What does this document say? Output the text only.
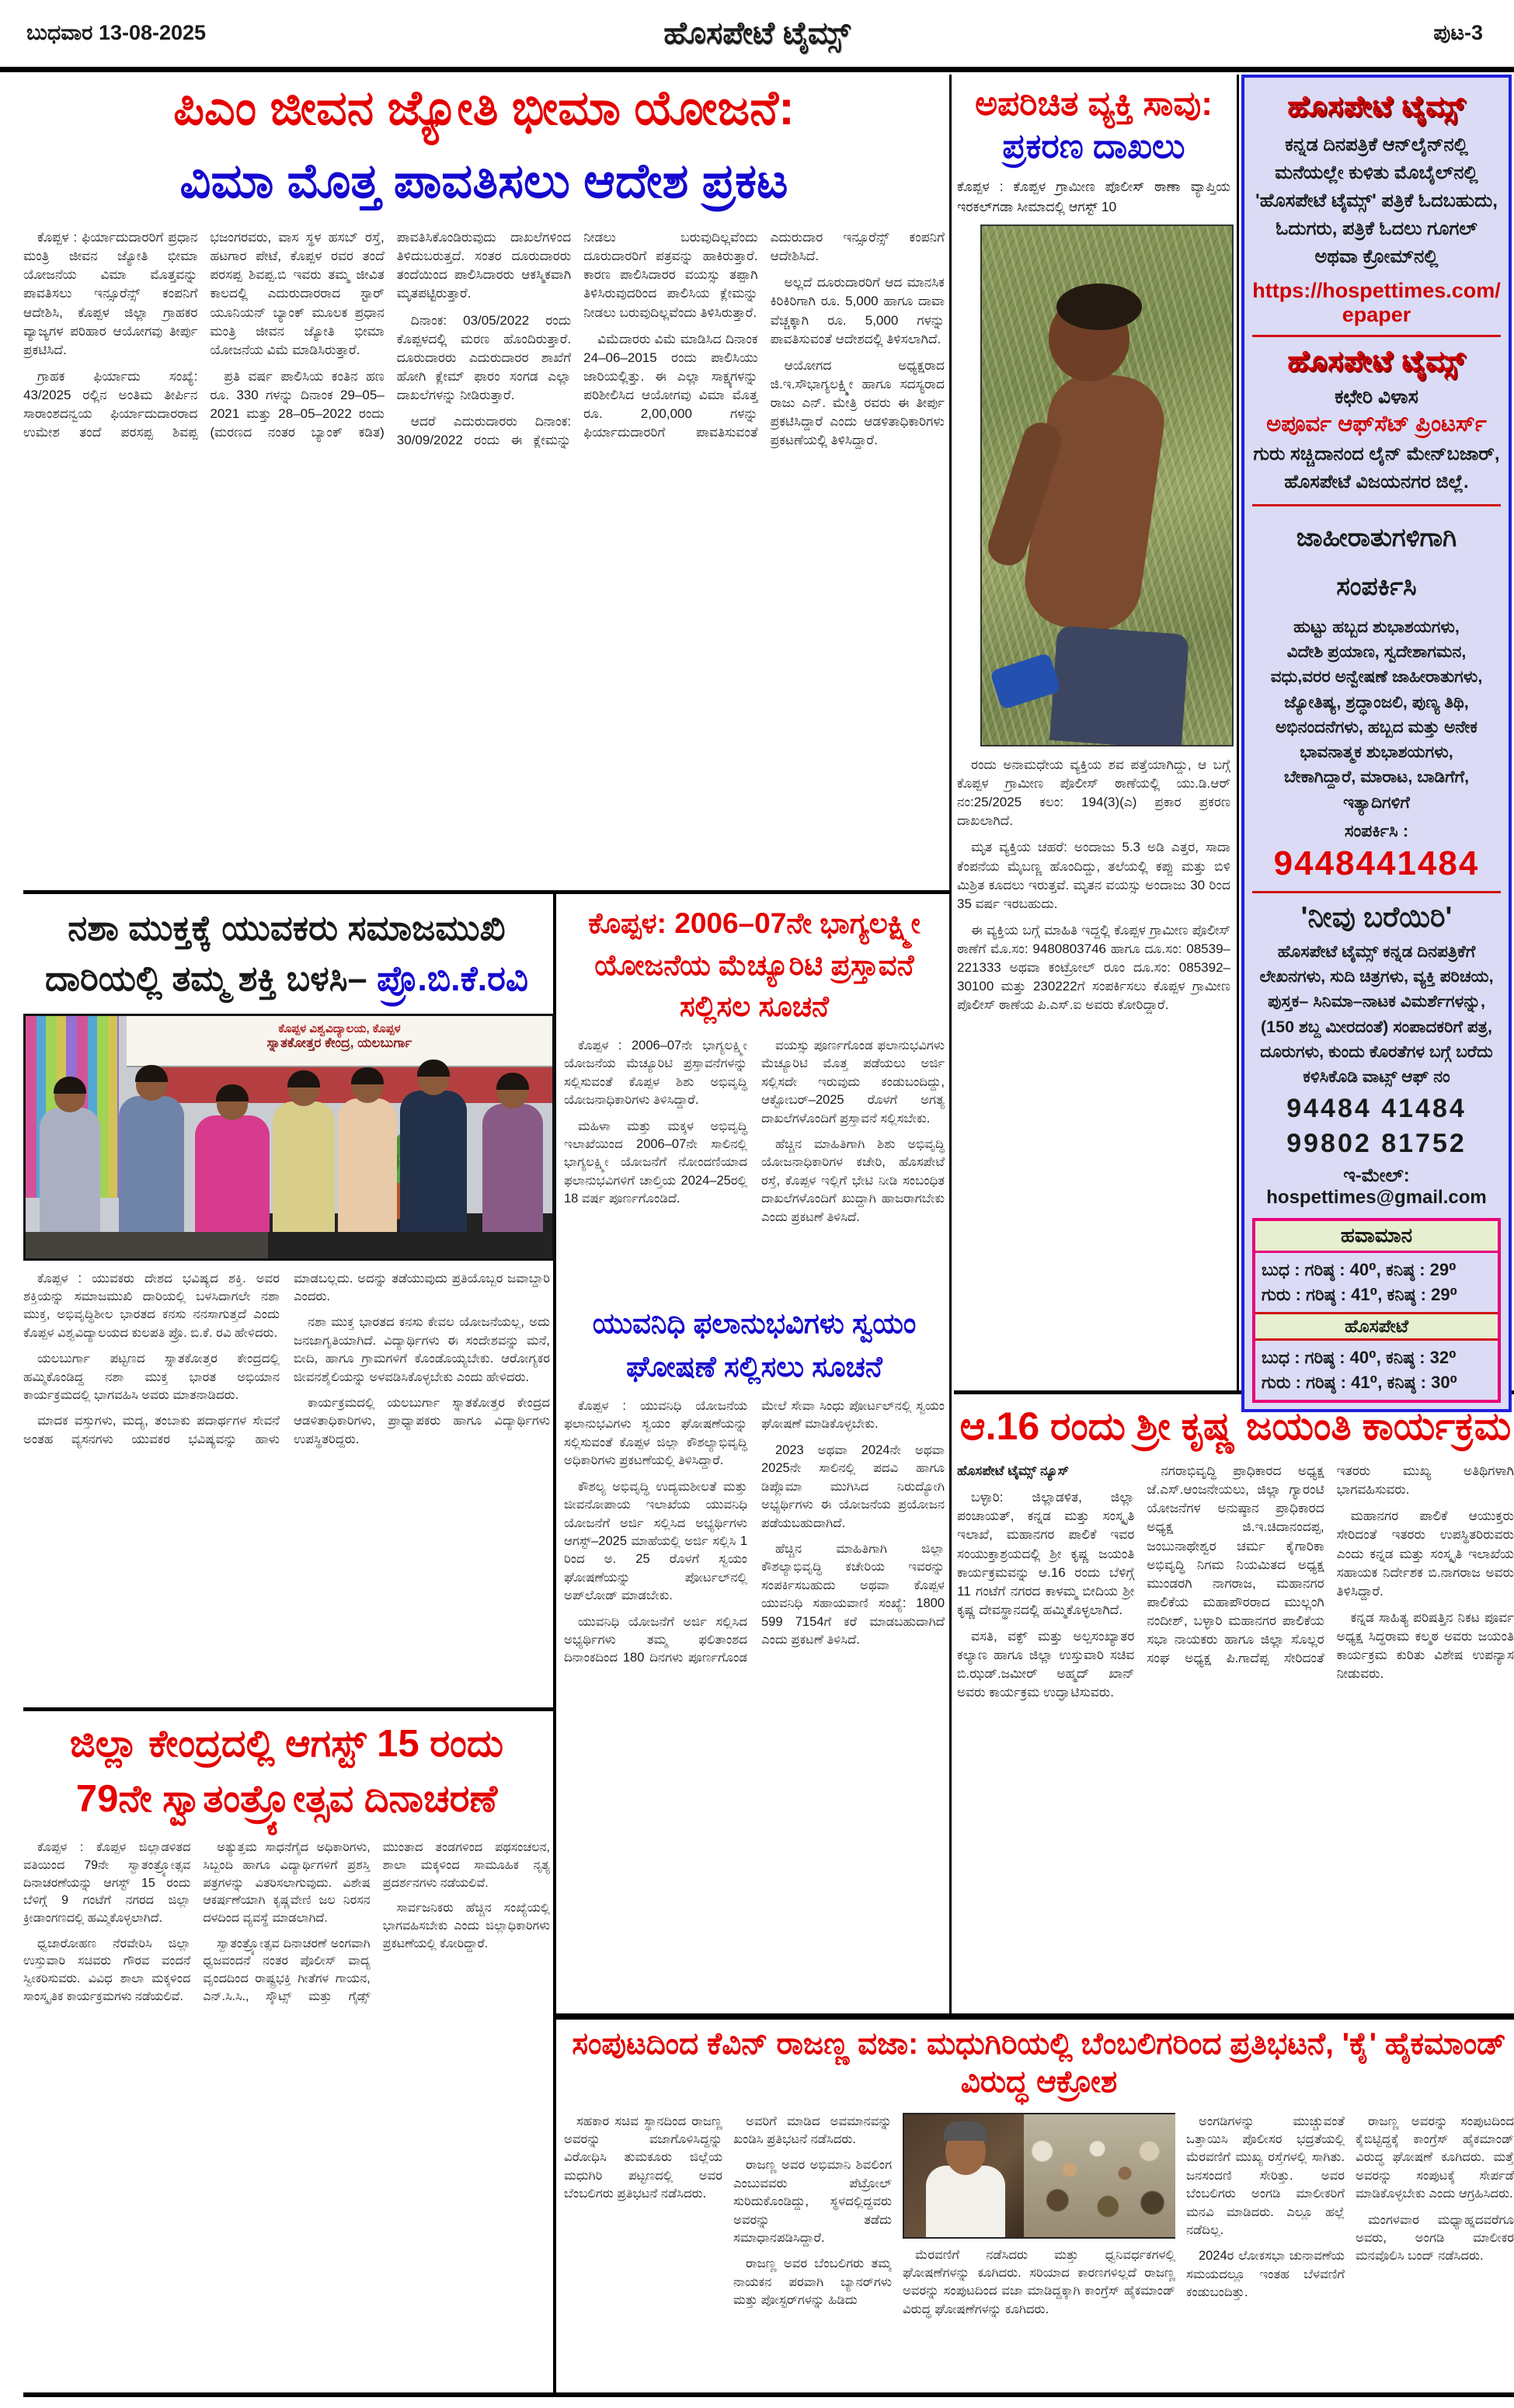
ಬುಧವಾರ 13-08-2025	ಹೊಸಪೇಟೆ ಟೈಮ್ಸ್	ಪುಟ-3
ಪಿಎಂ ಜೀವನ ಜ್ಯೋತಿ ಭೀಮಾ ಯೋಜನೆ:
ವಿಮಾ ಮೊತ್ತ ಪಾವತಿಸಲು ಆದೇಶ ಪ್ರಕಟ

ಕೊಪ್ಪಳ : ಫಿರ್ಯಾದುದಾರರಿಗೆ ಪ್ರಧಾನ ಮಂತ್ರಿ ಜೀವನ ಜ್ಯೋತಿ ಭೀಮಾ ಯೋಜನೆಯ ವಿಮಾ ಮೊತ್ತವನ್ನು ಪಾವತಿಸಲು ಇನ್ಸೂರೆನ್ಸ್ ಕಂಪನಿಗೆ ಆದೇಶಿಸಿ, ಕೊಪ್ಪಳ ಜಿಲ್ಲಾ ಗ್ರಾಹಕರ ವ್ಯಾಜ್ಯಗಳ ಪರಿಹಾರ ಆಯೋಗವು ತೀರ್ಪು ಪ್ರಕಟಿಸಿದೆ.

ಗ್ರಾಹಕ ಫಿರ್ಯಾದು ಸಂಖ್ಯೆ: 43/2025 ರಲ್ಲಿನ ಅಂತಿಮ ತೀರ್ಪಿನ ಸಾರಾಂಶದನ್ವಯ ಫಿರ್ಯಾದುದಾರರಾದ ಉಮೇಶ ತಂದೆ ಪರಸಪ್ಪ ಶಿವಪ್ಪ ಭಜಂಗರವರು, ವಾಸ ಸ್ಥಳ ಹಸಬ್ ರಸ್ತೆ, ಹಟಗಾರ ಪೇಟೆ, ಕೊಪ್ಪಳ ರವರ ತಂದೆ ಪರಸಪ್ಪ ಶಿವಪ್ಪ.ಬಿ ಇವರು ತಮ್ಮ ಜೀವಿತ ಕಾಲದಲ್ಲಿ ಎದುರುದಾರರಾದ ಸ್ಟಾರ್ ಯೂನಿಯನ್ ಬ್ಯಾಂಕ್ ಮೂಲಕ ಪ್ರಧಾನ ಮಂತ್ರಿ ಜೀವನ ಜ್ಯೋತಿ ಭೀಮಾ ಯೋಜನೆಯ ವಿಮೆ ಮಾಡಿಸಿರುತ್ತಾರೆ.

ಪ್ರತಿ ವರ್ಷ ಪಾಲಿಸಿಯ ಕಂತಿನ ಹಣ ರೂ. 330 ಗಳನ್ನು ದಿನಾಂಕ 29–05–2021 ಮತ್ತು 28–05–2022 ರಂದು (ಮರಣದ ನಂತರ ಬ್ಯಾಂಕ್ ಕಡಿತ) ಪಾವತಿಸಿಕೊಂಡಿರುವುದು ದಾಖಲೆಗಳಿಂದ ತಿಳಿದುಬರುತ್ತದೆ. ಸಂತರ ದೂರುದಾರರು ತಂದೆಯಿಂದ ಪಾಲಿಸಿದಾರರು ಆಕಸ್ಮಿಕವಾಗಿ ಮೃತಪಟ್ಟಿರುತ್ತಾರೆ.

ದಿನಾಂಕ: 03/05/2022 ರಂದು ಕೊಪ್ಪಳದಲ್ಲಿ ಮರಣ ಹೊಂದಿರುತ್ತಾರೆ. ದೂರುದಾರರು ಎದುರುದಾರರ ಶಾಖೆಗೆ ಹೋಗಿ ಕ್ಲೇಮ್ ಫಾರಂ ಸಂಗಡ ಎಲ್ಲಾ ದಾಖಲೆಗಳನ್ನು ನೀಡಿರುತ್ತಾರೆ.

ಆದರೆ ಎದುರುದಾರರು ದಿನಾಂಕ: 30/09/2022 ರಂದು ಈ ಕ್ಲೇಮನ್ನು ನೀಡಲು ಬರುವುದಿಲ್ಲವೆಂದು ದೂರುದಾರರಿಗೆ ಪತ್ರವನ್ನು ಹಾಕಿರುತ್ತಾರೆ. ಕಾರಣ ಪಾಲಿಸಿದಾರರ ವಯಸ್ಸು ತಪ್ಪಾಗಿ ತಿಳಿಸಿರುವುದರಿಂದ ಪಾಲಿಸಿಯ ಕ್ಲೇಮನ್ನು ನೀಡಲು ಬರುವುದಿಲ್ಲವೆಂದು ತಿಳಿಸಿರುತ್ತಾರೆ.

ವಿಮೆದಾರರು ವಿಮೆ ಮಾಡಿಸಿದ ದಿನಾಂಕ 24–06–2015 ರಂದು ಪಾಲಿಸಿಯು ಜಾರಿಯಲ್ಲಿತ್ತು. ಈ ಎಲ್ಲಾ ಸಾಕ್ಷ್ಯಗಳನ್ನು ಪರಿಶೀಲಿಸಿದ ಆಯೋಗವು ವಿಮಾ ಮೊತ್ತ ರೂ. 2,00,000 ಗಳನ್ನು ಫಿರ್ಯಾದುದಾರರಿಗೆ ಪಾವತಿಸುವಂತೆ ಎದುರುದಾರ ಇನ್ಸೂರೆನ್ಸ್ ಕಂಪನಿಗೆ ಆದೇಶಿಸಿದೆ.

ಅಲ್ಲದೆ ದೂರುದಾರರಿಗೆ ಆದ ಮಾನಸಿಕ ಕಿರಿಕಿರಿಗಾಗಿ ರೂ. 5,000 ಹಾಗೂ ದಾವಾ ವೆಚ್ಚಕ್ಕಾಗಿ ರೂ. 5,000 ಗಳನ್ನು ಪಾವತಿಸುವಂತೆ ಆದೇಶದಲ್ಲಿ ತಿಳಿಸಲಾಗಿದೆ.

ಆಯೋಗದ ಅಧ್ಯಕ್ಷರಾದ ಜಿ.ಇ.ಸೌಭಾಗ್ಯಲಕ್ಷ್ಮೀ ಹಾಗೂ ಸದಸ್ಯರಾದ ರಾಜು ಎನ್. ಮೇತ್ರಿ ರವರು ಈ ತೀರ್ಪು ಪ್ರಕಟಿಸಿದ್ದಾರೆ ಎಂದು ಆಡಳಿತಾಧಿಕಾರಿಗಳು ಪ್ರಕಟಣೆಯಲ್ಲಿ ತಿಳಿಸಿದ್ದಾರೆ.

ಅಪರಿಚಿತ ವ್ಯಕ್ತಿ ಸಾವು:
ಪ್ರಕರಣ ದಾಖಲು
ಕೊಪ್ಪಳ : ಕೊಪ್ಪಳ ಗ್ರಾಮೀಣ ಪೊಲೀಸ್ ಠಾಣಾ ವ್ಯಾಪ್ತಿಯ ಇರಕಲ್‌ಗಡಾ ಸೀಮಾದಲ್ಲಿ ಆಗಸ್ಟ್ 10

ರಂದು ಅನಾಮಧೇಯ ವ್ಯಕ್ತಿಯ ಶವ ಪತ್ತೆಯಾಗಿದ್ದು, ಆ ಬಗ್ಗೆ ಕೊಪ್ಪಳ ಗ್ರಾಮೀಣ ಪೊಲೀಸ್ ಠಾಣೆಯಲ್ಲಿ ಯು.ಡಿ.ಆರ್ ನಂ:25/2025 ಕಲಂ: 194(3)(ಎ) ಪ್ರಕಾರ ಪ್ರಕರಣ ದಾಖಲಾಗಿದೆ.

ಮೃತ ವ್ಯಕ್ತಿಯ ಚಹರೆ: ಅಂದಾಜು 5.3 ಅಡಿ ಎತ್ತರ, ಸಾದಾ ಕೆಂಪನೆಯ ಮೈಬಣ್ಣ ಹೊಂದಿದ್ದು, ತಲೆಯಲ್ಲಿ ಕಪ್ಪು ಮತ್ತು ಬಿಳಿ ಮಿಶ್ರಿತ ಕೂದಲು ಇರುತ್ತವೆ. ಮೃತನ ವಯಸ್ಸು ಅಂದಾಜು 30 ರಿಂದ 35 ವರ್ಷ ಇರಬಹುದು.

ಈ ವ್ಯಕ್ತಿಯ ಬಗ್ಗೆ ಮಾಹಿತಿ ಇದ್ದಲ್ಲಿ ಕೊಪ್ಪಳ ಗ್ರಾಮೀಣ ಪೊಲೀಸ್ ಠಾಣೆಗೆ ಮೊ.ಸಂ: 9480803746 ಹಾಗೂ ದೂ.ಸಂ: 08539–221333 ಅಥವಾ ಕಂಟ್ರೋಲ್ ರೂಂ ದೂ.ಸಂ: 085392–30100 ಮತ್ತು 230222ಗೆ ಸಂಪರ್ಕಿಸಲು ಕೊಪ್ಪಳ ಗ್ರಾಮೀಣ ಪೊಲೀಸ್ ಠಾಣೆಯ ಪಿ.ಎಸ್.ಐ ಅವರು ಕೋರಿದ್ದಾರೆ.

ಹೊಸಪೇಟೆ ಟೈಮ್ಸ್
ಕನ್ನಡ ದಿನಪತ್ರಿಕೆ ಆನ್‌ಲೈನ್‌ನಲ್ಲಿ ಮನೆಯಲ್ಲೇ ಕುಳಿತು ಮೊಬೈಲ್‌ನಲ್ಲಿ 'ಹೊಸಪೇಟೆ ಟೈಮ್ಸ್' ಪತ್ರಿಕೆ ಓದಬಹುದು, ಓದುಗರು, ಪತ್ರಿಕೆ ಓದಲು ಗೂಗಲ್ ಅಥವಾ ಕ್ರೋಮ್‌ನಲ್ಲಿ
https://hospettimes.com/epaper
ಹೊಸಪೇಟೆ ಟೈಮ್ಸ್
ಕಛೇರಿ ವಿಳಾಸ
ಅಪೂರ್ವ ಆಫ್‌ಸೆಟ್ ಪ್ರಿಂಟರ್ಸ್
ಗುರು ಸಚ್ಚಿದಾನಂದ ಲೈನ್ ಮೇನ್‌ಬಜಾರ್, ಹೊಸಪೇಟೆ ವಿಜಯನಗರ ಜಿಲ್ಲೆ.
ಜಾಹೀರಾತುಗಳಿಗಾಗಿ
ಸಂಪರ್ಕಿಸಿ
ಹುಟ್ಟು ಹಬ್ಬದ ಶುಭಾಶಯಗಳು,
ವಿದೇಶಿ ಪ್ರಯಾಣ, ಸ್ವದೇಶಾಗಮನ,
ವಧು,ವರರ ಅನ್ವೇಷಣೆ ಜಾಹೀರಾತುಗಳು,
ಜ್ಯೋತಿಷ್ಯ, ಶ್ರದ್ಧಾಂಜಲಿ, ಪುಣ್ಯ ತಿಥಿ,
ಅಭಿನಂದನೆಗಳು, ಹಬ್ಬದ ಮತ್ತು ಅನೇಕ
ಭಾವನಾತ್ಮಕ ಶುಭಾಶಯಗಳು,
ಬೇಕಾಗಿದ್ದಾರೆ, ಮಾರಾಟ, ಬಾಡಿಗೆಗೆ,
ಇತ್ಯಾದಿಗಳಿಗೆ
ಸಂಪರ್ಕಿಸಿ :
9448441484
'ನೀವು ಬರೆಯಿರಿ'
ಹೊಸಪೇಟೆ ಟೈಮ್ಸ್ ಕನ್ನಡ ದಿನಪತ್ರಿಕೆಗೆ ಲೇಖನಗಳು, ಸುದಿ ಚಿತ್ರಗಳು, ವ್ಯಕ್ತಿ ಪರಿಚಯ, ಪುಸ್ತಕ– ಸಿನಿಮಾ–ನಾಟಕ ವಿಮರ್ಶೆಗಳನ್ನು,(150 ಶಬ್ದ ಮೀರದಂತೆ) ಸಂಪಾದಕರಿಗೆ ಪತ್ರ, ದೂರುಗಳು, ಕುಂದು ಕೊರತೆಗಳ ಬಗ್ಗೆ ಬರೆದು ಕಳಿಸಿಕೊಡಿ ವಾಟ್ಸ್ ಆಫ್ ನಂ
94484 41484
99802 81752
ಇ-ಮೇಲ್: hospettimes@gmail.com
ಹವಾಮಾನ
ಬುಧ : ಗರಿಷ್ಠ : 40⁰, ಕನಿಷ್ಠ : 29⁰
ಗುರು : ಗರಿಷ್ಠ : 41⁰, ಕನಿಷ್ಠ : 29⁰
ಹೊಸಪೇಟೆ
ಬುಧ : ಗರಿಷ್ಠ : 40⁰, ಕನಿಷ್ಠ : 32⁰
ಗುರು : ಗರಿಷ್ಠ : 41⁰, ಕನಿಷ್ಠ : 30⁰
ನಶಾ ಮುಕ್ತಕ್ಕೆ ಯುವಕರು ಸಮಾಜಮುಖಿ ದಾರಿಯಲ್ಲಿ ತಮ್ಮ ಶಕ್ತಿ ಬಳಸಿ– ಪ್ರೊ.ಬಿ.ಕೆ.ರವಿ
ಕೊಪ್ಪಳ ವಿಶ್ವವಿದ್ಯಾಲಯ, ಕೊಪ್ಪಳ
ಸ್ನಾತಕೋತ್ತರ ಕೇಂದ್ರ, ಯಲಬುರ್ಗಾ

ಕೊಪ್ಪಳ : ಯುವಕರು ದೇಶದ ಭವಿಷ್ಯದ ಶಕ್ತಿ. ಅವರ ಶಕ್ತಿಯನ್ನು ಸಮಾಜಮುಖಿ ದಾರಿಯಲ್ಲಿ ಬಳಸಿದಾಗಲೇ ನಶಾ ಮುಕ್ತ, ಅಭಿವೃದ್ಧಿಶೀಲ ಭಾರತದ ಕನಸು ನನಸಾಗುತ್ತದೆ ಎಂದು ಕೊಪ್ಪಳ ವಿಶ್ವವಿದ್ಯಾಲಯದ ಕುಲಪತಿ ಪ್ರೊ. ಬಿ.ಕೆ. ರವಿ ಹೇಳಿದರು.

ಯಲಬುರ್ಗಾ ಪಟ್ಟಣದ ಸ್ನಾತಕೋತ್ತರ ಕೇಂದ್ರದಲ್ಲಿ ಹಮ್ಮಿಕೊಂಡಿದ್ದ ನಶಾ ಮುಕ್ತ ಭಾರತ ಅಭಿಯಾನ ಕಾರ್ಯಕ್ರಮದಲ್ಲಿ ಭಾಗವಹಿಸಿ ಅವರು ಮಾತನಾಡಿದರು.

ಮಾದಕ ವಸ್ತುಗಳು, ಮದ್ಯ, ತಂಬಾಕು ಪದಾರ್ಥಗಳ ಸೇವನೆ ಅಂತಹ ವ್ಯಸನಗಳು ಯುವಕರ ಭವಿಷ್ಯವನ್ನು ಹಾಳು ಮಾಡಬಲ್ಲದು. ಅದನ್ನು ತಡೆಯುವುದು ಪ್ರತಿಯೊಬ್ಬರ ಜವಾಬ್ದಾರಿ ಎಂದರು.

ನಶಾ ಮುಕ್ತ ಭಾರತದ ಕನಸು ಕೇವಲ ಯೋಜನೆಯಲ್ಲ, ಅದು ಜನಜಾಗೃತಿಯಾಗಿದೆ. ವಿದ್ಯಾರ್ಥಿಗಳು ಈ ಸಂದೇಶವನ್ನು ಮನೆ, ಬೀದಿ, ಹಾಗೂ ಗ್ರಾಮಗಳಿಗೆ ಕೊಂಡೊಯ್ಯಬೇಕು. ಆರೋಗ್ಯಕರ ಜೀವನಶೈಲಿಯನ್ನು ಅಳವಡಿಸಿಕೊಳ್ಳಬೇಕು ಎಂದು ಹೇಳಿದರು.

ಕಾರ್ಯಕ್ರಮದಲ್ಲಿ ಯಲಬುರ್ಗಾ ಸ್ನಾತಕೋತ್ತರ ಕೇಂದ್ರದ ಆಡಳಿತಾಧಿಕಾರಿಗಳು, ಪ್ರಾಧ್ಯಾಪಕರು ಹಾಗೂ ವಿದ್ಯಾರ್ಥಿಗಳು ಉಪಸ್ಥಿತರಿದ್ದರು.

ಕೊಪ್ಪಳ: 2006–07ನೇ ಭಾಗ್ಯಲಕ್ಷ್ಮೀ ಯೋಜನೆಯ ಮೆಚ್ಯೂರಿಟಿ ಪ್ರಸ್ತಾವನೆ ಸಲ್ಲಿಸಲ ಸೂಚನೆ

ಕೊಪ್ಪಳ : 2006–07ನೇ ಭಾಗ್ಯಲಕ್ಷ್ಮೀ ಯೋಜನೆಯ ಮೆಚ್ಯೂರಿಟಿ ಪ್ರಸ್ತಾವನೆಗಳನ್ನು ಸಲ್ಲಿಸುವಂತೆ ಕೊಪ್ಪಳ ಶಿಶು ಅಭಿವೃದ್ಧಿ ಯೋಜನಾಧಿಕಾರಿಗಳು ತಿಳಿಸಿದ್ದಾರೆ.

ಮಹಿಳಾ ಮತ್ತು ಮಕ್ಕಳ ಅಭಿವೃದ್ಧಿ ಇಲಾಖೆಯಿಂದ 2006–07ನೇ ಸಾಲಿನಲ್ಲಿ ಭಾಗ್ಯಲಕ್ಷ್ಮೀ ಯೋಜನೆಗೆ ನೋಂದಣಿಯಾದ ಫಲಾನುಭವಿಗಳಿಗೆ ಚಾಲ್ತಿಯ 2024–25ರಲ್ಲಿ 18 ವರ್ಷ ಪೂರ್ಣಗೊಂಡಿದೆ.

ವಯಸ್ಸು ಪೂರ್ಣಗೊಂಡ ಫಲಾನುಭವಿಗಳು ಮೆಚ್ಯೂರಿಟಿ ಮೊತ್ತ ಪಡೆಯಲು ಅರ್ಜಿ ಸಲ್ಲಿಸದೇ ಇರುವುದು ಕಂಡುಬಂದಿದ್ದು, ಆಕ್ಟೋಬರ್–2025 ರೊಳಗೆ ಅಗತ್ಯ ದಾಖಲೆಗಳೊಂದಿಗೆ ಪ್ರಸ್ತಾವನೆ ಸಲ್ಲಿಸಬೇಕು.

ಹೆಚ್ಚಿನ ಮಾಹಿತಿಗಾಗಿ ಶಿಶು ಅಭಿವೃದ್ಧಿ ಯೋಜನಾಧಿಕಾರಿಗಳ ಕಚೇರಿ, ಹೊಸಪೇಟೆ ರಸ್ತೆ, ಕೊಪ್ಪಳ ಇಲ್ಲಿಗೆ ಭೇಟಿ ನೀಡಿ ಸಂಬಂಧಿತ ದಾಖಲೆಗಳೊಂದಿಗೆ ಖುದ್ದಾಗಿ ಹಾಜರಾಗಬೇಕು ಎಂದು ಪ್ರಕಟಣೆ ತಿಳಿಸಿದೆ.

ಯುವನಿಧಿ ಫಲಾನುಭವಿಗಳು ಸ್ವಯಂ ಘೋಷಣೆ ಸಲ್ಲಿಸಲು ಸೂಚನೆ

ಕೊಪ್ಪಳ : ಯುವನಿಧಿ ಯೋಜನೆಯ ಫಲಾನುಭವಿಗಳು ಸ್ವಯಂ ಘೋಷಣೆಯನ್ನು ಸಲ್ಲಿಸುವಂತೆ ಕೊಪ್ಪಳ ಜಿಲ್ಲಾ ಕೌಶಲ್ಯಾಭಿವೃದ್ಧಿ ಅಧಿಕಾರಿಗಳು ಪ್ರಕಟಣೆಯಲ್ಲಿ ತಿಳಿಸಿದ್ದಾರೆ.

ಕೌಶಲ್ಯ ಅಭಿವೃದ್ಧಿ ಉದ್ಯಮಶೀಲತೆ ಮತ್ತು ಜೀವನೋಪಾಯ ಇಲಾಖೆಯ ಯುವನಿಧಿ ಯೋಜನೆಗೆ ಅರ್ಜಿ ಸಲ್ಲಿಸಿದ ಅಭ್ಯರ್ಥಿಗಳು ಆಗಸ್ಟ್–2025 ಮಾಹೆಯಲ್ಲಿ ಅರ್ಜಿ ಸಲ್ಲಿಸಿ 1 ರಿಂದ ಅ. 25 ರೊಳಗೆ ಸ್ವಯಂ ಘೋಷಣೆಯನ್ನು ಪೋರ್ಟಲ್‌ನಲ್ಲಿ ಅಪ್‌ಲೋಡ್ ಮಾಡಬೇಕು.

ಯುವನಿಧಿ ಯೋಜನೆಗೆ ಅರ್ಜಿ ಸಲ್ಲಿಸಿದ ಅಭ್ಯರ್ಥಿಗಳು ತಮ್ಮ ಫಲಿತಾಂಶದ ದಿನಾಂಕದಿಂದ 180 ದಿನಗಳು ಪೂರ್ಣಗೊಂಡ ಮೇಲೆ ಸೇವಾ ಸಿಂಧು ಪೋರ್ಟಲ್‌ನಲ್ಲಿ ಸ್ವಯಂ ಘೋಷಣೆ ಮಾಡಿಕೊಳ್ಳಬೇಕು.

2023 ಅಥವಾ 2024ನೇ ಅಥವಾ 2025ನೇ ಸಾಲಿನಲ್ಲಿ ಪದವಿ ಹಾಗೂ ಡಿಪ್ಲೊಮಾ ಮುಗಿಸಿದ ನಿರುದ್ಯೋಗಿ ಅಭ್ಯರ್ಥಿಗಳು ಈ ಯೋಜನೆಯ ಪ್ರಯೋಜನ ಪಡೆಯಬಹುದಾಗಿದೆ.

ಹೆಚ್ಚಿನ ಮಾಹಿತಿಗಾಗಿ ಜಿಲ್ಲಾ ಕೌಶಲ್ಯಾಭಿವೃದ್ಧಿ ಕಚೇರಿಯ ಇವರನ್ನು ಸಂಪರ್ಕಿಸಬಹುದು ಅಥವಾ ಕೊಪ್ಪಳ ಯುವನಿಧಿ ಸಹಾಯವಾಣಿ ಸಂಖ್ಯೆ: 1800 599 7154ಗೆ ಕರೆ ಮಾಡಬಹುದಾಗಿದೆ ಎಂದು ಪ್ರಕಟಣೆ ತಿಳಿಸಿದೆ.

ಜಿಲ್ಲಾ ಕೇಂದ್ರದಲ್ಲಿ ಆಗಸ್ಟ್ 15 ರಂದು
79ನೇ ಸ್ವಾತಂತ್ರ್ಯೋತ್ಸವ ದಿನಾಚರಣೆ

ಕೊಪ್ಪಳ : ಕೊಪ್ಪಳ ಜಿಲ್ಲಾಡಳಿತದ ವತಿಯಿಂದ 79ನೇ ಸ್ವಾತಂತ್ರ್ಯೋತ್ಸವ ದಿನಾಚರಣೆಯನ್ನು ಆಗಸ್ಟ್ 15 ರಂದು ಬೆಳಿಗ್ಗೆ 9 ಗಂಟೆಗೆ ನಗರದ ಜಿಲ್ಲಾ ಕ್ರೀಡಾಂಗಣದಲ್ಲಿ ಹಮ್ಮಿಕೊಳ್ಳಲಾಗಿದೆ.

ಧ್ವಜಾರೋಹಣ ನೆರವೇರಿಸಿ ಜಿಲ್ಲಾ ಉಸ್ತುವಾರಿ ಸಚಿವರು ಗೌರವ ವಂದನೆ ಸ್ವೀಕರಿಸುವರು. ವಿವಿಧ ಶಾಲಾ ಮಕ್ಕಳಿಂದ ಸಾಂಸ್ಕೃತಿಕ ಕಾರ್ಯಕ್ರಮಗಳು ನಡೆಯಲಿವೆ.

ಅತ್ಯುತ್ತಮ ಸಾಧನೆಗೈದ ಅಧಿಕಾರಿಗಳು, ಸಿಬ್ಬಂದಿ ಹಾಗೂ ವಿದ್ಯಾರ್ಥಿಗಳಿಗೆ ಪ್ರಶಸ್ತಿ ಪತ್ರಗಳನ್ನು ವಿತರಿಸಲಾಗುವುದು. ವಿಶೇಷ ಆಕರ್ಷಣೆಯಾಗಿ ಕೃಷ್ಣವೇಣಿ ಜಲ ನಿರಸನ ದಳದಿಂದ ವ್ಯವಸ್ಥೆ ಮಾಡಲಾಗಿದೆ.

ಸ್ವಾತಂತ್ರ್ಯೋತ್ಸವ ದಿನಾಚರಣೆ ಅಂಗವಾಗಿ ಧ್ವಜವಂದನೆ ನಂತರ ಪೊಲೀಸ್ ವಾದ್ಯ ವೃಂದದಿಂದ ರಾಷ್ಟ್ರಭಕ್ತಿ ಗೀತೆಗಳ ಗಾಯನ, ಎನ್.ಸಿ.ಸಿ., ಸ್ಕೌಟ್ಸ್ ಮತ್ತು ಗೈಡ್ಸ್ ಮುಂತಾದ ತಂಡಗಳಿಂದ ಪಥಸಂಚಲನ, ಶಾಲಾ ಮಕ್ಕಳಿಂದ ಸಾಮೂಹಿಕ ನೃತ್ಯ ಪ್ರದರ್ಶನಗಳು ನಡೆಯಲಿವೆ.

ಸಾರ್ವಜನಿಕರು ಹೆಚ್ಚಿನ ಸಂಖ್ಯೆಯಲ್ಲಿ ಭಾಗವಹಿಸಬೇಕು ಎಂದು ಜಿಲ್ಲಾಧಿಕಾರಿಗಳು ಪ್ರಕಟಣೆಯಲ್ಲಿ ಕೋರಿದ್ದಾರೆ.

ಆ.16 ರಂದು ಶ್ರೀ ಕೃಷ್ಣ ಜಯಂತಿ ಕಾರ್ಯಕ್ರಮ

ಹೊಸಪೇಟೆ ಟೈಮ್ಸ್ ನ್ಯೂಸ್

ಬಳ್ಳಾರಿ: ಜಿಲ್ಲಾಡಳಿತ, ಜಿಲ್ಲಾ ಪಂಚಾಯತ್, ಕನ್ನಡ ಮತ್ತು ಸಂಸ್ಕೃತಿ ಇಲಾಖೆ, ಮಹಾನಗರ ಪಾಲಿಕೆ ಇವರ ಸಂಯುಕ್ತಾಶ್ರಯದಲ್ಲಿ ಶ್ರೀ ಕೃಷ್ಣ ಜಯಂತಿ ಕಾರ್ಯಕ್ರಮವನ್ನು ಆ.16 ರಂದು ಬೆಳಿಗ್ಗೆ 11 ಗಂಟೆಗೆ ನಗರದ ಕಾಳಮ್ಮ ಬೀದಿಯ ಶ್ರೀ ಕೃಷ್ಣ ದೇವಸ್ಥಾನದಲ್ಲಿ ಹಮ್ಮಿಕೊಳ್ಳಲಾಗಿದೆ.

ವಸತಿ, ವಕ್ಫ್ ಮತ್ತು ಅಲ್ಪಸಂಖ್ಯಾತರ ಕಲ್ಯಾಣ ಹಾಗೂ ಜಿಲ್ಲಾ ಉಸ್ತುವಾರಿ ಸಚಿವ ಬಿ.ಝಡ್.ಜಮೀರ್ ಅಹ್ಮದ್ ಖಾನ್ ಅವರು ಕಾರ್ಯಕ್ರಮ ಉದ್ಘಾಟಿಸುವರು.

ನಗರಾಭಿವೃದ್ಧಿ ಪ್ರಾಧಿಕಾರದ ಅಧ್ಯಕ್ಷ ಜೆ.ಎಸ್.ಆಂಜನೇಯಲು, ಜಿಲ್ಲಾ ಗ್ಯಾರಂಟಿ ಯೋಜನೆಗಳ ಅನುಷ್ಠಾನ ಪ್ರಾಧಿಕಾರದ ಅಧ್ಯಕ್ಷ ಜಿ.ಇ.ಚಿದಾನಂದಪ್ಪ, ಜಂಬುನಾಥೇಶ್ವರ ಚರ್ಮ ಕೈಗಾರಿಕಾ ಅಭಿವೃದ್ಧಿ ನಿಗಮ ನಿಯಮಿತದ ಅಧ್ಯಕ್ಷ ಮುಂಡರಗಿ ನಾಗರಾಜ, ಮಹಾನಗರ ಪಾಲಿಕೆಯ ಮಹಾಪೌರರಾದ ಮುಲ್ಲಂಗಿ ನಂದೀಶ್, ಬಳ್ಳಾರಿ ಮಹಾನಗರ ಪಾಲಿಕೆಯ ಸಭಾ ನಾಯಕರು ಹಾಗೂ ಜಿಲ್ಲಾ ಸೊಲ್ಲರ ಸಂಘ ಅಧ್ಯಕ್ಷ ಪಿ.ಗಾದೆಪ್ಪ ಸೇರಿದಂತೆ ಇತರರು ಮುಖ್ಯ ಅತಿಥಿಗಳಾಗಿ ಭಾಗವಹಿಸುವರು.

ಮಹಾನಗರ ಪಾಲಿಕೆ ಆಯುಕ್ತರು ಸೇರಿದಂತೆ ಇತರರು ಉಪಸ್ಥಿತರಿರುವರು ಎಂದು ಕನ್ನಡ ಮತ್ತು ಸಂಸ್ಕೃತಿ ಇಲಾಖೆಯ ಸಹಾಯಕ ನಿರ್ದೇಶಕ ಬಿ.ನಾಗರಾಜ ಅವರು ತಿಳಿಸಿದ್ದಾರೆ.

ಕನ್ನಡ ಸಾಹಿತ್ಯ ಪರಿಷತ್ತಿನ ನಿಕಟ ಪೂರ್ವ ಅಧ್ಯಕ್ಷ ಸಿದ್ಧರಾಮ ಕಲ್ಮಠ ಅವರು ಜಯಂತಿ ಕಾರ್ಯಕ್ರಮ ಕುರಿತು ವಿಶೇಷ ಉಪನ್ಯಾಸ ನೀಡುವರು.

ಸಂಪುಟದಿಂದ ಕೆವಿನ್ ರಾಜಣ್ಣ ವಜಾ: ಮಧುಗಿರಿಯಲ್ಲಿ ಬೆಂಬಲಿಗರಿಂದ ಪ್ರತಿಭಟನೆ, 'ಕೈ' ಹೈಕಮಾಂಡ್ ವಿರುದ್ಧ ಆಕ್ರೋಶ

ಸಹಕಾರ ಸಚಿವ ಸ್ಥಾನದಿಂದ ರಾಜಣ್ಣ ಅವರನ್ನು ವಜಾಗೊಳಿಸಿದ್ದನ್ನು ವಿರೋಧಿಸಿ ತುಮಕೂರು ಜಿಲ್ಲೆಯ ಮಧುಗಿರಿ ಪಟ್ಟಣದಲ್ಲಿ ಅವರ ಬೆಂಬಲಿಗರು ಪ್ರತಿಭಟನೆ ನಡೆಸಿದರು.

ಅವರಿಗೆ ಮಾಡಿದ ಅವಮಾನವನ್ನು ಖಂಡಿಸಿ ಪ್ರತಿಭಟನೆ ನಡೆಸಿದರು.

ರಾಜಣ್ಣ ಅವರ ಅಭಿಮಾನಿ ಶಿವಲಿಂಗ ಎಂಬುವವರು ಪೆಟ್ರೋಲ್ ಸುರಿದುಕೊಂಡಿದ್ದು, ಸ್ಥಳದಲ್ಲಿದ್ದವರು ಅವರನ್ನು ತಡೆದು ಸಮಾಧಾನಪಡಿಸಿದ್ದಾರೆ.

ರಾಜಣ್ಣ ಅವರ ಬೆಂಬಲಿಗರು ತಮ್ಮ ನಾಯಕನ ಪರವಾಗಿ ಬ್ಯಾನರ್‌ಗಳು ಮತ್ತು ಪೋಸ್ಟರ್‌ಗಳನ್ನು ಹಿಡಿದು

ಮೆರವಣಿಗೆ ನಡೆಸಿದರು ಮತ್ತು ಧ್ವನಿವರ್ಧಕಗಳಲ್ಲಿ ಘೋಷಣೆಗಳನ್ನು ಕೂಗಿದರು. ಸರಿಯಾದ ಕಾರಣಗಳಿಲ್ಲದೆ ರಾಜಣ್ಣ ಅವರನ್ನು ಸಂಪುಟದಿಂದ ವಜಾ ಮಾಡಿದ್ದಕ್ಕಾಗಿ ಕಾಂಗ್ರೆಸ್ ಹೈಕಮಾಂಡ್ ವಿರುದ್ಧ ಘೋಷಣೆಗಳನ್ನು ಕೂಗಿದರು.

ಅಂಗಡಿಗಳನ್ನು ಮುಚ್ಚುವಂತೆ ಒತ್ತಾಯಿಸಿ ಪೊಲೀಸರ ಭದ್ರತೆಯಲ್ಲಿ ಮೆರವಣಿಗೆ ಮುಖ್ಯ ರಸ್ತೆಗಳಲ್ಲಿ ಸಾಗಿತು. ಜನಸಂದಣಿ ಸೇರಿತ್ತು. ಅವರ ಬೆಂಬಲಿಗರು ಅಂಗಡಿ ಮಾಲೀಕರಿಗೆ ಮನವಿ ಮಾಡಿದರು. ಎಲ್ಲೂ ಹಲ್ಲೆ ನಡೆದಿಲ್ಲ.

2024ರ ಲೋಕಸಭಾ ಚುನಾವಣೆಯ ಸಮಯದಲ್ಲೂ ಇಂತಹ ಬೆಳವಣಿಗೆ ಕಂಡುಬಂದಿತ್ತು.

ರಾಜಣ್ಣ ಅವರನ್ನು ಸಂಪುಟದಿಂದ ಕೈಬಿಟ್ಟಿದ್ದಕ್ಕೆ ಕಾಂಗ್ರೆಸ್ ಹೈಕಮಾಂಡ್ ವಿರುದ್ಧ ಘೋಷಣೆ ಕೂಗಿದರು. ಮತ್ತೆ ಅವರನ್ನು ಸಂಪುಟಕ್ಕೆ ಸೇರ್ಪಡೆ ಮಾಡಿಕೊಳ್ಳಬೇಕು ಎಂದು ಆಗ್ರಹಿಸಿದರು.

ಮಂಗಳವಾರ ಮಧ್ಯಾಹ್ನದವರೆಗೂ ಅವರು, ಅಂಗಡಿ ಮಾಲೀಕರ ಮನವೊಲಿಸಿ ಬಂದ್ ನಡೆಸಿದರು.
